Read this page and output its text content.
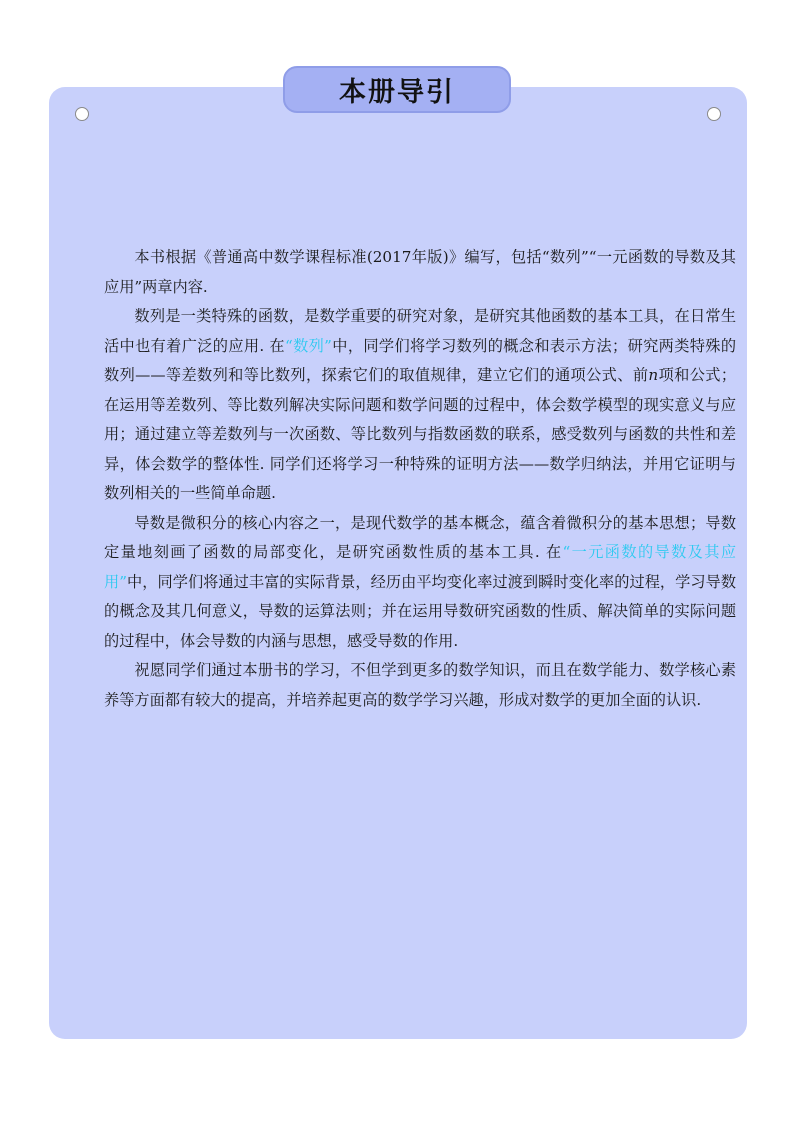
本册导引

本书根据《普通高中数学课程标准(2017年版)》编写，包括“数列”“一元函数的导数及其应用”两章内容.

数列是一类特殊的函数，是数学重要的研究对象，是研究其他函数的基本工具，在日常生活中也有着广泛的应用. 在“数列”中，同学们将学习数列的概念和表示方法；研究两类特殊的数列——等差数列和等比数列，探索它们的取值规律，建立它们的通项公式、前n项和公式；在运用等差数列、等比数列解决实际问题和数学问题的过程中，体会数学模型的现实意义与应用；通过建立等差数列与一次函数、等比数列与指数函数的联系，感受数列与函数的共性和差异，体会数学的整体性. 同学们还将学习一种特殊的证明方法——数学归纳法，并用它证明与数列相关的一些简单命题.

导数是微积分的核心内容之一，是现代数学的基本概念，蕴含着微积分的基本思想；导数定量地刻画了函数的局部变化，是研究函数性质的基本工具. 在“一元函数的导数及其应用”中，同学们将通过丰富的实际背景，经历由平均变化率过渡到瞬时变化率的过程，学习导数的概念及其几何意义，导数的运算法则；并在运用导数研究函数的性质、解决简单的实际问题的过程中，体会导数的内涵与思想，感受导数的作用.

祝愿同学们通过本册书的学习，不但学到更多的数学知识，而且在数学能力、数学核心素养等方面都有较大的提高，并培养起更高的数学学习兴趣，形成对数学的更加全面的认识.
